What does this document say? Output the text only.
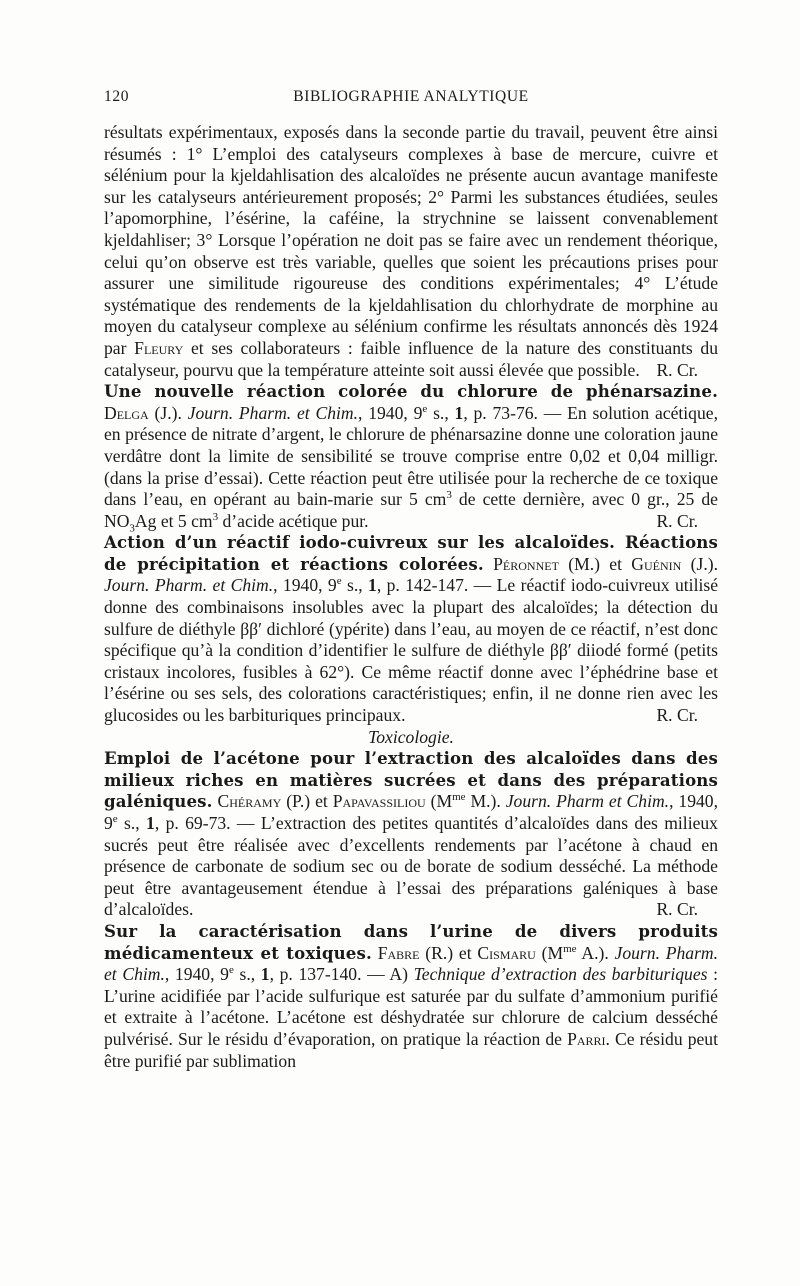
120	BIBLIOGRAPHIE ANALYTIQUE

résultats expérimentaux, exposés dans la seconde partie du travail, peuvent être ainsi résumés : 1° L’emploi des catalyseurs complexes à base de mercure, cuivre et sélénium pour la kjeldahlisation des alcaloïdes ne présente aucun avantage manifeste sur les catalyseurs antérieurement proposés; 2° Parmi les substances étudiées, seules l’apomorphine, l’ésérine, la caféine, la strychnine se laissent convenablement kjeldahliser; 3° Lorsque l’opération ne doit pas se faire avec un rendement théorique, celui qu’on observe est très variable, quelles que soient les précautions prises pour assurer une similitude rigoureuse des conditions expérimentales; 4° L’étude systématique des rendements de la kjeldahlisation du chlorhydrate de morphine au moyen du catalyseur complexe au sélénium confirme les résultats annoncés dès 1924 par Fleury et ses collaborateurs : faible influence de la nature des constituants du catalyseur, pourvu que la température atteinte soit aussi élevée que possible. R. Cr.

Une nouvelle réaction colorée du chlorure de phénarsazine. Delga (J.). Journ. Pharm. et Chim., 1940, 9e s., 1, p. 73-76. — En solution acétique, en présence de nitrate d’argent, le chlorure de phénarsazine donne une coloration jaune verdâtre dont la limite de sensibilité se trouve comprise entre 0,02 et 0,04 milligr. (dans la prise d’essai). Cette réaction peut être utilisée pour la recherche de ce toxique dans l’eau, en opérant au bain-marie sur 5 $cm^3$ de cette dernière, avec 0 gr., 25 de $NO_3Ag$ et 5 $cm^3$ d’acide acétique pur.	R. Cr.

Action d’un réactif iodo-cuivreux sur les alcaloïdes. Réactions de précipitation et réactions colorées. Péronnet (M.) et Guénin (J.). Journ. Pharm. et Chim., 1940, 9e s., 1, p. 142-147. — Le réactif iodo-cuivreux utilisé donne des combinaisons insolubles avec la plupart des alcaloïdes; la détection du sulfure de diéthyle ββ′ dichloré (ypérite) dans l’eau, au moyen de ce réactif, n’est donc spécifique qu’à la condition d’identifier le sulfure de diéthyle ββ′ diiodé formé (petits cristaux incolores, fusibles à 62°). Ce même réactif donne avec l’éphédrine base et l’ésérine ou ses sels, des colorations caractéristiques; enfin, il ne donne rien avec les glucosides ou les barbituriques principaux.	R. Cr.

Toxicologie.

Emploi de l’acétone pour l’extraction des alcaloïdes dans des milieux riches en matières sucrées et dans des préparations galéniques. Chéramy (P.) et Papavassiliou ($M^{me}$ M.). Journ. Pharm et Chim., 1940, 9e s., 1, p. 69-73. — L’extraction des petites quantités d’alcaloïdes dans des milieux sucrés peut être réalisée avec d’excellents rendements par l’acétone à chaud en présence de carbonate de sodium sec ou de borate de sodium desséché. La méthode peut être avantageusement étendue à l’essai des préparations galéniques à base d’alcaloïdes.	R. Cr.

Sur la caractérisation dans l’urine de divers produits médicamenteux et toxiques. Fabre (R.) et Cismaru ($M^{me}$ A.). Journ. Pharm. et Chim., 1940, 9e s., 1, p. 137-140. — A) Technique d’extraction des barbituriques : L’urine acidifiée par l’acide sulfurique est saturée par du sulfate d’ammonium purifié et extraite à l’acétone. L’acétone est déshydratée sur chlorure de calcium desséché pulvérisé. Sur le résidu d’évaporation, on pratique la réaction de Parri. Ce résidu peut être purifié par sublimation
